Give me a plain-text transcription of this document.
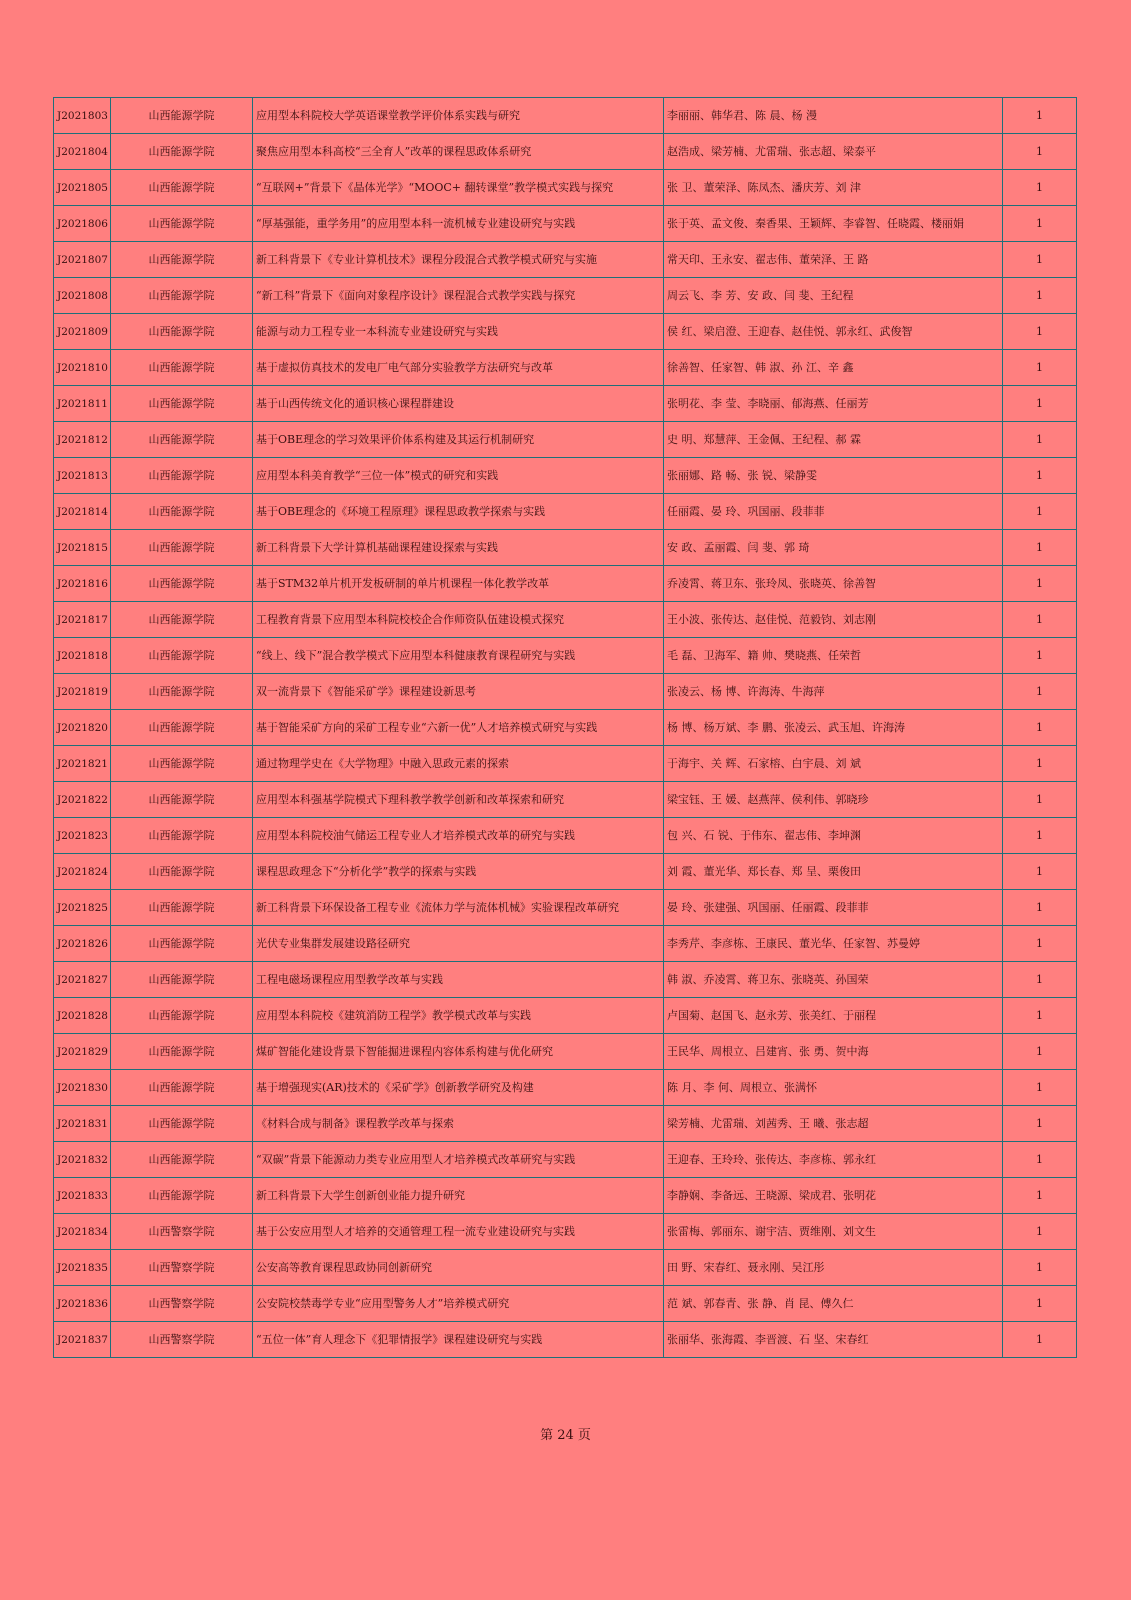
J2021803	山西能源学院	应用型本科院校大学英语课堂教学评价体系实践与研究	李丽丽、韩华君、陈 晨、杨 漫	1
J2021804	山西能源学院	聚焦应用型本科高校“三全育人”改革的课程思政体系研究	赵浩成、梁芳楠、尤雷瑞、张志超、梁泰平	1
J2021805	山西能源学院	“互联网+”背景下《晶体光学》“MOOC+ 翻转课堂”教学模式实践与探究	张 卫、董荣泽、陈凤杰、潘庆芳、刘 津	1
J2021806	山西能源学院	“厚基强能，重学务用”的应用型本科一流机械专业建设研究与实践	张于英、孟文俊、秦香果、王颖辉、李睿智、任晓霞、楼丽娟	1
J2021807	山西能源学院	新工科背景下《专业计算机技术》课程分段混合式教学模式研究与实施	常天印、王永安、翟志伟、董荣泽、王 路	1
J2021808	山西能源学院	“新工科”背景下《面向对象程序设计》课程混合式教学实践与探究	周云飞、李 芳、安 政、闫 斐、王纪程	1
J2021809	山西能源学院	能源与动力工程专业一本科流专业建设研究与实践	侯 红、梁启澄、王迎春、赵佳悦、郭永红、武俊智	1
J2021810	山西能源学院	基于虚拟仿真技术的发电厂电气部分实验教学方法研究与改革	徐善智、任家智、韩 淑、孙 江、辛 鑫	1
J2021811	山西能源学院	基于山西传统文化的通识核心课程群建设	张明花、李 莹、李晓丽、郁海燕、任丽芳	1
J2021812	山西能源学院	基于OBE理念的学习效果评价体系构建及其运行机制研究	史 明、郑慧萍、王金佩、王纪程、郝 霖	1
J2021813	山西能源学院	应用型本科美育教学“三位一体”模式的研究和实践	张丽娜、路 畅、张 锐、梁静雯	1
J2021814	山西能源学院	基于OBE理念的《环境工程原理》课程思政教学探索与实践	任丽霞、晏 玲、巩国丽、段菲菲	1
J2021815	山西能源学院	新工科背景下大学计算机基础课程建设探索与实践	安 政、孟丽霞、闫 斐、郭 琦	1
J2021816	山西能源学院	基于STM32单片机开发板研制的单片机课程一体化教学改革	乔凌霄、蒋卫东、张玲凤、张晓英、徐善智	1
J2021817	山西能源学院	工程教育背景下应用型本科院校校企合作师资队伍建设模式探究	王小波、张传达、赵佳悦、范毅钧、刘志刚	1
J2021818	山西能源学院	“线上、线下”混合教学模式下应用型本科健康教育课程研究与实践	毛 磊、卫海军、籍 帅、樊晓燕、任荣哲	1
J2021819	山西能源学院	双一流背景下《智能采矿学》课程建设新思考	张凌云、杨 博、许海涛、牛海萍	1
J2021820	山西能源学院	基于智能采矿方向的采矿工程专业“六新一优”人才培养模式研究与实践	杨 博、杨万斌、李 鹏、张凌云、武玉旭、许海涛	1
J2021821	山西能源学院	通过物理学史在《大学物理》中融入思政元素的探索	于海宇、关 辉、石家榕、白宇晨、刘 斌	1
J2021822	山西能源学院	应用型本科强基学院模式下理科教学教学创新和改革探索和研究	梁宝钰、王 媛、赵燕萍、侯利伟、郭晓珍	1
J2021823	山西能源学院	应用型本科院校油气储运工程专业人才培养模式改革的研究与实践	包 兴、石 锐、于伟东、翟志伟、李坤渊	1
J2021824	山西能源学院	课程思政理念下“分析化学”教学的探索与实践	刘 霞、董光华、郑长春、郑 呈、栗俊田	1
J2021825	山西能源学院	新工科背景下环保设备工程专业《流体力学与流体机械》实验课程改革研究	晏 玲、张建强、巩国丽、任丽霞、段菲菲	1
J2021826	山西能源学院	光伏专业集群发展建设路径研究	李秀芹、李彦栋、王康民、董光华、任家智、苏曼婷	1
J2021827	山西能源学院	工程电磁场课程应用型教学改革与实践	韩 淑、乔凌霄、蒋卫东、张晓英、孙国荣	1
J2021828	山西能源学院	应用型本科院校《建筑消防工程学》教学模式改革与实践	卢国菊、赵国飞、赵永芳、张美红、于丽程	1
J2021829	山西能源学院	煤矿智能化建设背景下智能掘进课程内容体系构建与优化研究	王民华、周根立、吕建宵、张 勇、贺中海	1
J2021830	山西能源学院	基于增强现实(AR)技术的《采矿学》创新教学研究及构建	陈 月、李 何、周根立、张满怀	1
J2021831	山西能源学院	《材料合成与制备》课程教学改革与探索	梁芳楠、尤雷瑞、刘茜秀、王 曦、张志超	1
J2021832	山西能源学院	“双碳”背景下能源动力类专业应用型人才培养模式改革研究与实践	王迎春、王玲玲、张传达、李彦栋、郭永红	1
J2021833	山西能源学院	新工科背景下大学生创新创业能力提升研究	李静娴、李备远、王晓源、梁成君、张明花	1
J2021834	山西警察学院	基于公安应用型人才培养的交通管理工程一流专业建设研究与实践	张雷梅、郭丽东、谢宇洁、贾维刚、刘文生	1
J2021835	山西警察学院	公安高等教育课程思政协同创新研究	田 野、宋春红、聂永刚、吴江彤	1
J2021836	山西警察学院	公安院校禁毒学专业“应用型警务人才”培养模式研究	范 斌、郭春青、张 静、肖 昆、傅久仁	1
J2021837	山西警察学院	“五位一体”育人理念下《犯罪情报学》课程建设研究与实践	张丽华、张海霞、李晋渡、石 坚、宋春红	1
第 24 页
